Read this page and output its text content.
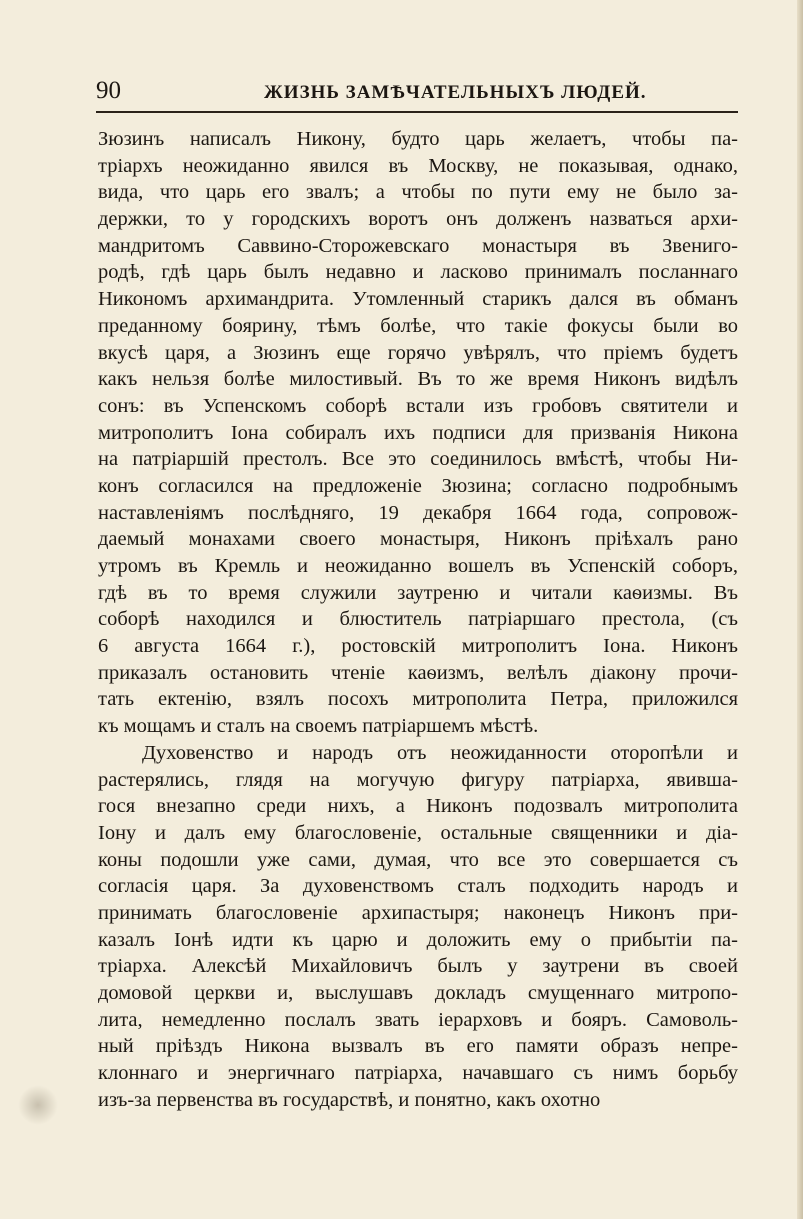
90	ЖИЗНЬ ЗАМѢЧАТЕЛЬНЫХЪ ЛЮДЕЙ.
Зюзинъ написалъ Никону, будто царь желаетъ, чтобы па-
тріархъ неожиданно явился въ Москву, не показывая, однако,
вида, что царь его звалъ; а чтобы по пути ему не было за-
держки, то у городскихъ воротъ онъ долженъ назваться архи-
мандритомъ Саввино-Сторожевскаго монастыря въ Звениго-
родѣ, гдѣ царь былъ недавно и ласково принималъ посланнаго
Никономъ архимандрита. Утомленный старикъ дался въ обманъ
преданному боярину, тѣмъ болѣе, что такіе фокусы были во
вкусѣ царя, а Зюзинъ еще горячо увѣрялъ, что пріемъ будетъ
какъ нельзя болѣе милостивый. Въ то же время Никонъ видѣлъ
сонъ: въ Успенскомъ соборѣ встали изъ гробовъ святители и
митрополитъ Іона собиралъ ихъ подписи для призванія Никона
на патріаршій престолъ. Все это соединилось вмѣстѣ, чтобы Ни-
конъ согласился на предложеніе Зюзина; согласно подробнымъ
наставленіямъ послѣдняго, 19 декабря 1664 года, сопровож-
даемый монахами своего монастыря, Никонъ пріѣхалъ рано
утромъ въ Кремль и неожиданно вошелъ въ Успенскій соборъ,
гдѣ въ то время служили заутреню и читали каѳизмы. Въ
соборѣ находился и блюститель патріаршаго престола, (съ
6 августа 1664 г.), ростовскій митрополитъ Іона. Никонъ
приказалъ остановить чтеніе каѳизмъ, велѣлъ діакону прочи-
тать ектенію, взялъ посохъ митрополита Петра, приложился
къ мощамъ и сталъ на своемъ патріаршемъ мѣстѣ.
Духовенство и народъ отъ неожиданности оторопѣли и
растерялись, глядя на могучую фигуру патріарха, явивша-
гося внезапно среди нихъ, а Никонъ подозвалъ митрополита
Іону и далъ ему благословеніе, остальные священники и діа-
коны подошли уже сами, думая, что все это совершается съ
согласія царя. За духовенствомъ сталъ подходить народъ и
принимать благословеніе архипастыря; наконецъ Никонъ при-
казалъ Іонѣ идти къ царю и доложить ему о прибытіи па-
тріарха. Алексѣй Михайловичъ былъ у заутрени въ своей
домовой церкви и, выслушавъ докладъ смущеннаго митропо-
лита, немедленно послалъ звать іерарховъ и бояръ. Самоволь-
ный пріѣздъ Никона вызвалъ въ его памяти образъ непре-
клоннаго и энергичнаго патріарха, начавшаго съ нимъ борьбу
изъ-за первенства въ государствѣ, и понятно, какъ охотно
